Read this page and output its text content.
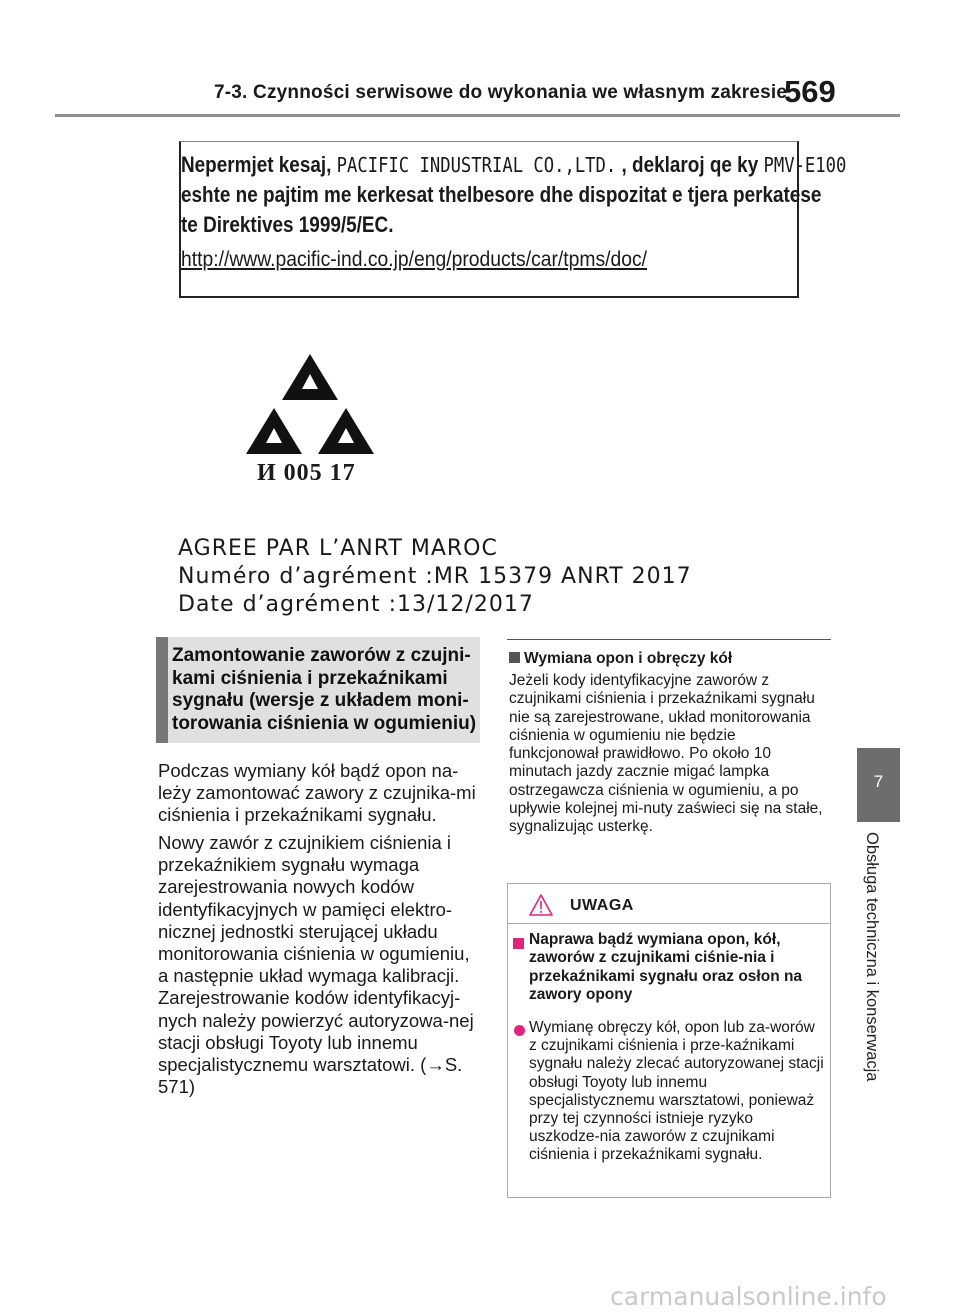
7-3. Czynności serwisowe do wykonania we własnym zakresie
569
Nepermjet kesaj, PACIFIC INDUSTRIAL CO.,LTD. , deklaroj qe ky PMV-E100
eshte ne pajtim me kerkesat thelbesore dhe dispozitat e tjera perkatese
te Direktives 1999/5/EC.
http://www.pacific-ind.co.jp/eng/products/car/tpms/doc/
И 005 17
AGREE PAR L’ANRT MAROC
Numéro d’agrément :MR 15379 ANRT 2017
Date d’agrément :13/12/2017
Zamontowanie zaworów z czujni-kami ciśnienia i przekaźnikami sygnału (wersje z układem moni-torowania ciśnienia w ogumieniu)
Podczas wymiany kół bądź opon na-leży zamontować zawory z czujnika-mi ciśnienia i przekaźnikami sygnału.
Nowy zawór z czujnikiem ciśnienia i przekaźnikiem sygnału wymaga zarejestrowania nowych kodów identyfikacyjnych w pamięci elektro-nicznej jednostki sterującej układu monitorowania ciśnienia w ogumieniu, a następnie układ wymaga kalibracji. Zarejestrowanie kodów identyfikacyj-nych należy powierzyć autoryzowa-nej stacji obsługi Toyoty lub innemu specjalistycznemu warsztatowi. (→S. 571)
Wymiana opon i obręczy kół
Jeżeli kody identyfikacyjne zaworów z czujnikami ciśnienia i przekaźnikami sygnału nie są zarejestrowane, układ monitorowania ciśnienia w ogumieniu nie będzie funkcjonował prawidłowo. Po około 10 minutach jazdy zacznie migać lampka ostrzegawcza ciśnienia w ogumieniu, a po upływie kolejnej mi-nuty zaświeci się na stałe, sygnalizując usterkę.
UWAGA
Naprawa bądź wymiana opon, kół, zaworów z czujnikami ciśnie-nia i przekaźnikami sygnału oraz osłon na zawory opony
Wymianę obręczy kół, opon lub za-worów z czujnikami ciśnienia i prze-kaźnikami sygnału należy zlecać autoryzowanej stacji obsługi Toyoty lub innemu specjalistycznemu warsztatowi, ponieważ przy tej czynności istnieje ryzyko uszkodze-nia zaworów z czujnikami ciśnienia i przekaźnikami sygnału.
7
Obsługa techniczna i konserwacja
carmanualsonline.info
